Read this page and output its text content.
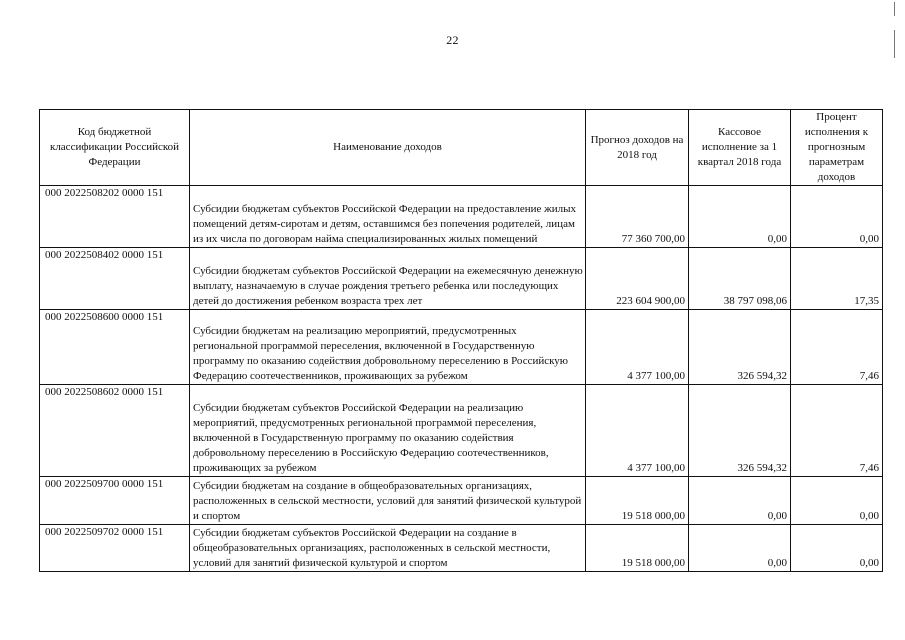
22
Код бюджетной классификации Российской Федерации	Наименование доходов	Прогноз доходов на 2018 год	Кассовое исполнение за 1 квартал 2018 года	Процент исполнения к прогнозным параметрам доходов
000 2022508202 0000 151	Субсидии бюджетам субъектов Российской Федерации на предоставление жилых помещений детям-сиротам и детям, оставшимся без попечения родителей, лицам из их числа по договорам найма специализированных жилых помещений	77 360 700,00	0,00	0,00
000 2022508402 0000 151	Субсидии бюджетам субъектов Российской Федерации на ежемесячную денежную выплату, назначаемую в случае рождения третьего ребенка или последующих детей до достижения ребенком возраста трех лет	223 604 900,00	38 797 098,06	17,35
000 2022508600 0000 151	Субсидии бюджетам на реализацию мероприятий, предусмотренных региональной программой переселения, включенной в Государственную программу по оказанию содействия добровольному переселению в Российскую Федерацию соотечественников, проживающих за рубежом	4 377 100,00	326 594,32	7,46
000 2022508602 0000 151	Субсидии бюджетам субъектов Российской Федерации на реализацию мероприятий, предусмотренных региональной программой переселения, включенной в Государственную программу по оказанию содействия добровольному переселению в Российскую Федерацию соотечественников, проживающих за рубежом	4 377 100,00	326 594,32	7,46
000 2022509700 0000 151	Субсидии бюджетам на создание в общеобразовательных организациях, расположенных в сельской местности, условий для занятий физической культурой и спортом	19 518 000,00	0,00	0,00
000 2022509702 0000 151	Субсидии бюджетам субъектов Российской Федерации на создание в общеобразовательных организациях, расположенных в сельской местности, условий для занятий физической культурой и спортом	19 518 000,00	0,00	0,00
